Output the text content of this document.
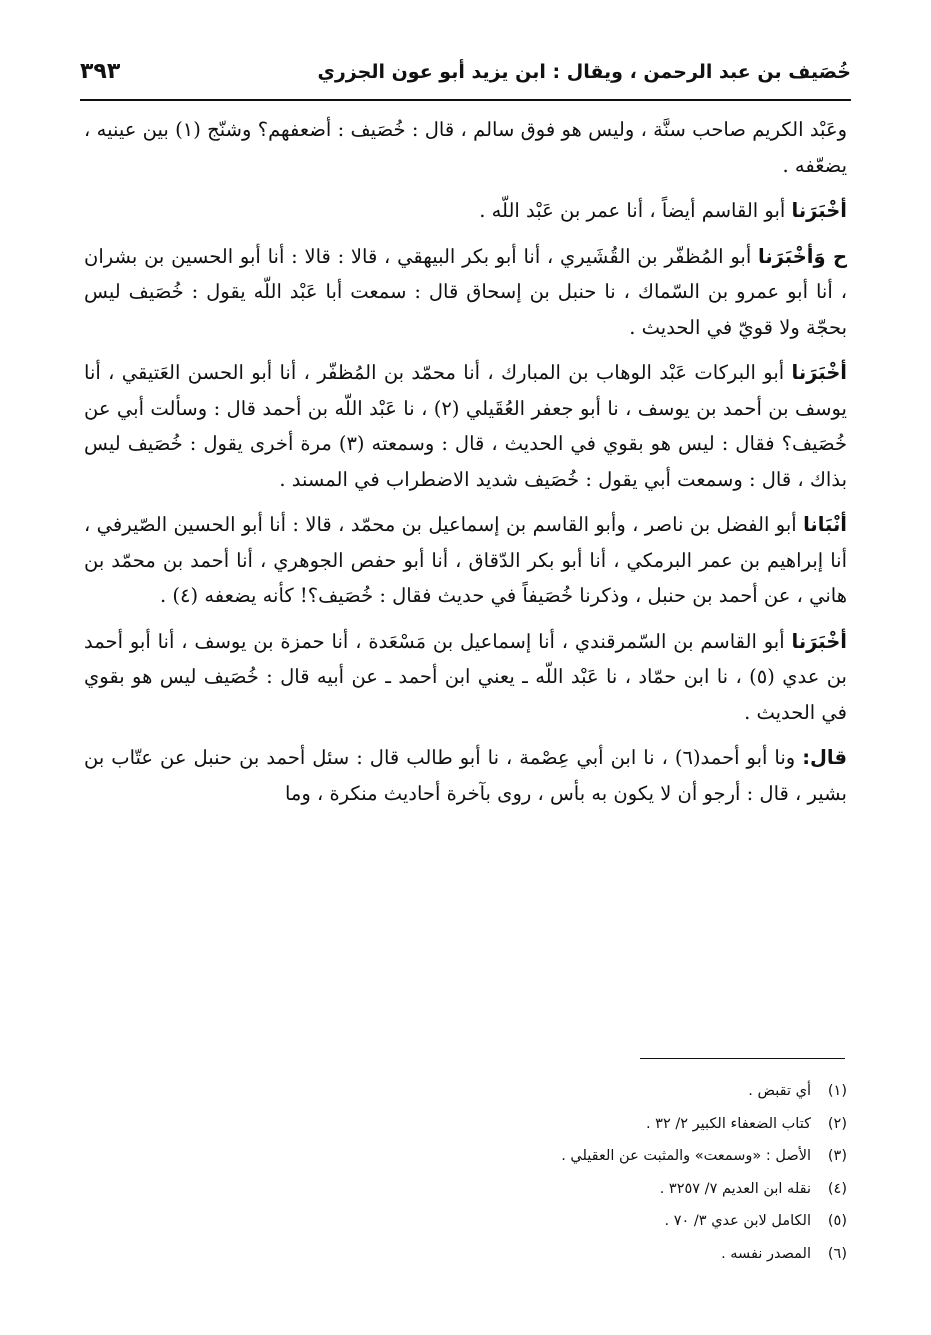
خُصَيف بن عبد الرحمن ، ويقال : ابن يزيد أبو عون الجزري
٣٩٣

وعَبْد الكريم صاحب سنَّة ، وليس هو فوق سالم ، قال : خُصَيف : أضعفهم؟ وشنّج (١) بين عينيه ، يضعّفه .

أخْبَرَنا أبو القاسم أيضاً ، أنا عمر بن عَبْد اللّه .

ح وَأخْبَرَنا أبو المُظفّر بن القُشَيري ، أنا أبو بكر البيهقي ، قالا : قالا : أنا أبو الحسين بن بشران ، أنا أبو عمرو بن السّماك ، نا حنبل بن إسحاق قال : سمعت أبا عَبْد اللّه يقول : خُصَيف ليس بحجّة ولا قويّ في الحديث .

أخْبَرَنا أبو البركات عَبْد الوهاب بن المبارك ، أنا محمّد بن المُظفّر ، أنا أبو الحسن العَتيقي ، أنا يوسف بن أحمد بن يوسف ، نا أبو جعفر العُقَيلي (٢) ، نا عَبْد اللّه بن أحمد قال : وسألت أبي عن خُصَيف؟ فقال : ليس هو بقوي في الحديث ، قال : وسمعته (٣) مرة أخرى يقول : خُصَيف ليس بذاك ، قال : وسمعت أبي يقول : خُصَيف شديد الاضطراب في المسند .

أنْبَانا أبو الفضل بن ناصر ، وأبو القاسم بن إسماعيل بن محمّد ، قالا : أنا أبو الحسين الصّيرفي ، أنا إبراهيم بن عمر البرمكي ، أنا أبو بكر الدّقاق ، أنا أبو حفص الجوهري ، أنا أحمد بن محمّد بن هاني ، عن أحمد بن حنبل ، وذكرنا خُصَيفاً في حديث فقال : خُصَيف؟! كأنه يضعفه (٤) .

أخْبَرَنا أبو القاسم بن السّمرقندي ، أنا إسماعيل بن مَسْعَدة ، أنا حمزة بن يوسف ، أنا أبو أحمد بن عدي (٥) ، نا ابن حمّاد ، نا عَبْد اللّه ـ يعني ابن أحمد ـ عن أبيه قال : خُصَيف ليس هو بقوي في الحديث .

قال: ونا أبو أحمد(٦) ، نا ابن أبي عِصْمة ، نا أبو طالب قال : سئل أحمد بن حنبل عن عتّاب بن بشير ، قال : أرجو أن لا يكون به بأس ، روى بآخرة أحاديث منكرة ، وما

(١)أي تقبض .
(٢)كتاب الضعفاء الكبير ٢/ ٣٢ .
(٣)الأصل : «وسمعت» والمثبت عن العقيلي .
(٤)نقله ابن العديم ٧/ ٣٢٥٧ .
(٥)الكامل لابن عدي ٣/ ٧٠ .
(٦)المصدر نفسه .
